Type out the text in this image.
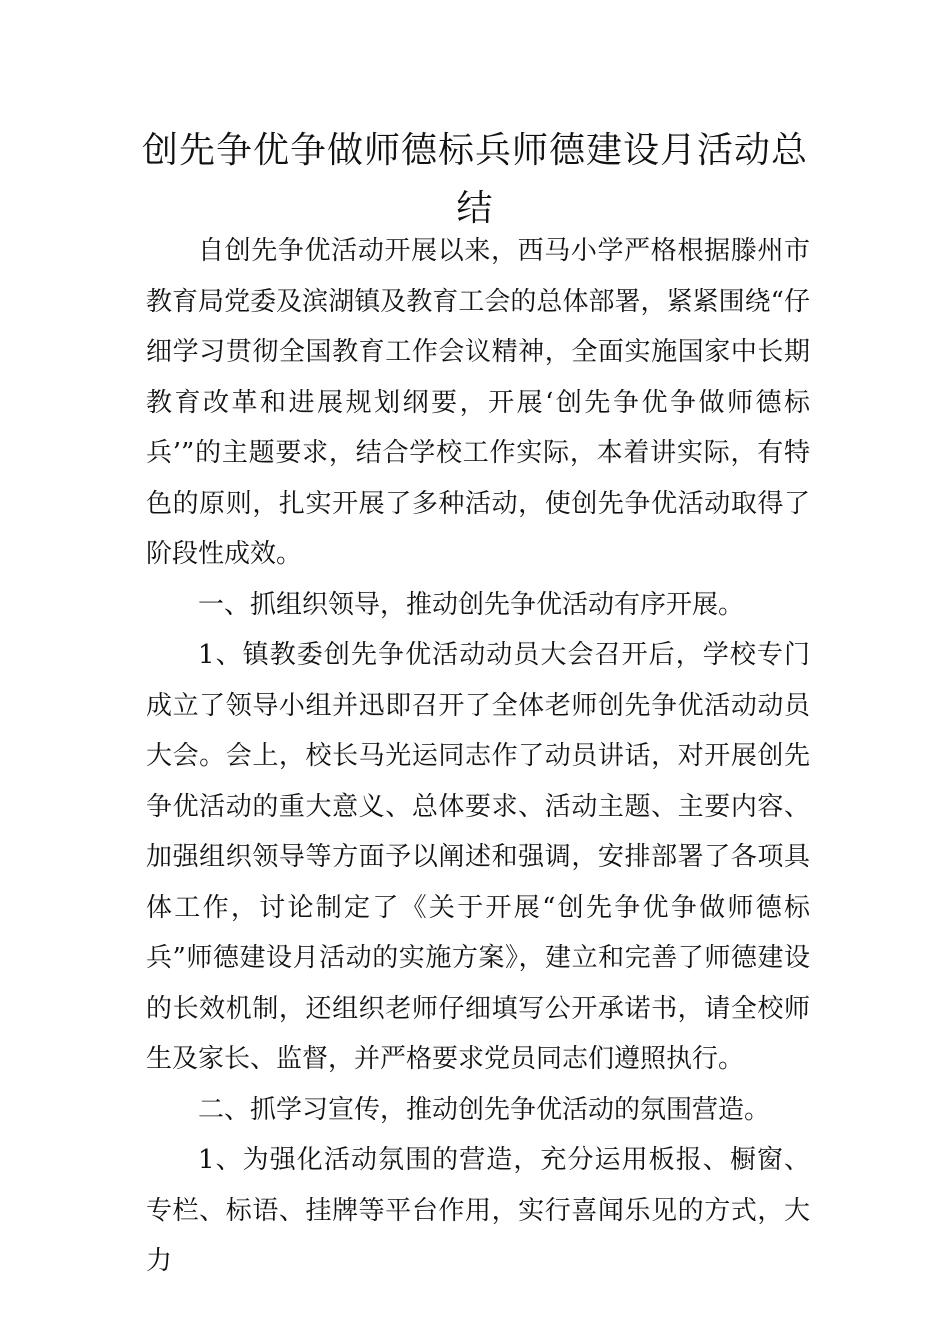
创先争优争做师德标兵师德建设月活动总结

自创先争优活动开展以来，西马小学严格根据滕州市教育局党委及滨湖镇及教育工会的总体部署，紧紧围绕“仔细学习贯彻全国教育工作会议精神，全面实施国家中长期教育改革和进展规划纲要，开展‘创先争优争做师德标兵’”的主题要求，结合学校工作实际，本着讲实际，有特色的原则，扎实开展了多种活动，使创先争优活动取得了阶段性成效。

一、抓组织领导，推动创先争优活动有序开展。

1、镇教委创先争优活动动员大会召开后，学校专门成立了领导小组并迅即召开了全体老师创先争优活动动员大会。会上，校长马光运同志作了动员讲话，对开展创先争优活动的重大意义、总体要求、活动主题、主要内容、加强组织领导等方面予以阐述和强调，安排部署了各项具体工作，讨论制定了《关于开展“创先争优争做师德标兵”师德建设月活动的实施方案》，建立和完善了师德建设的长效机制，还组织老师仔细填写公开承诺书，请全校师生及家长、监督，并严格要求党员同志们遵照执行。

二、抓学习宣传，推动创先争优活动的氛围营造。

1、为强化活动氛围的营造，充分运用板报、橱窗、专栏、标语、挂牌等平台作用，实行喜闻乐见的方式，大力
